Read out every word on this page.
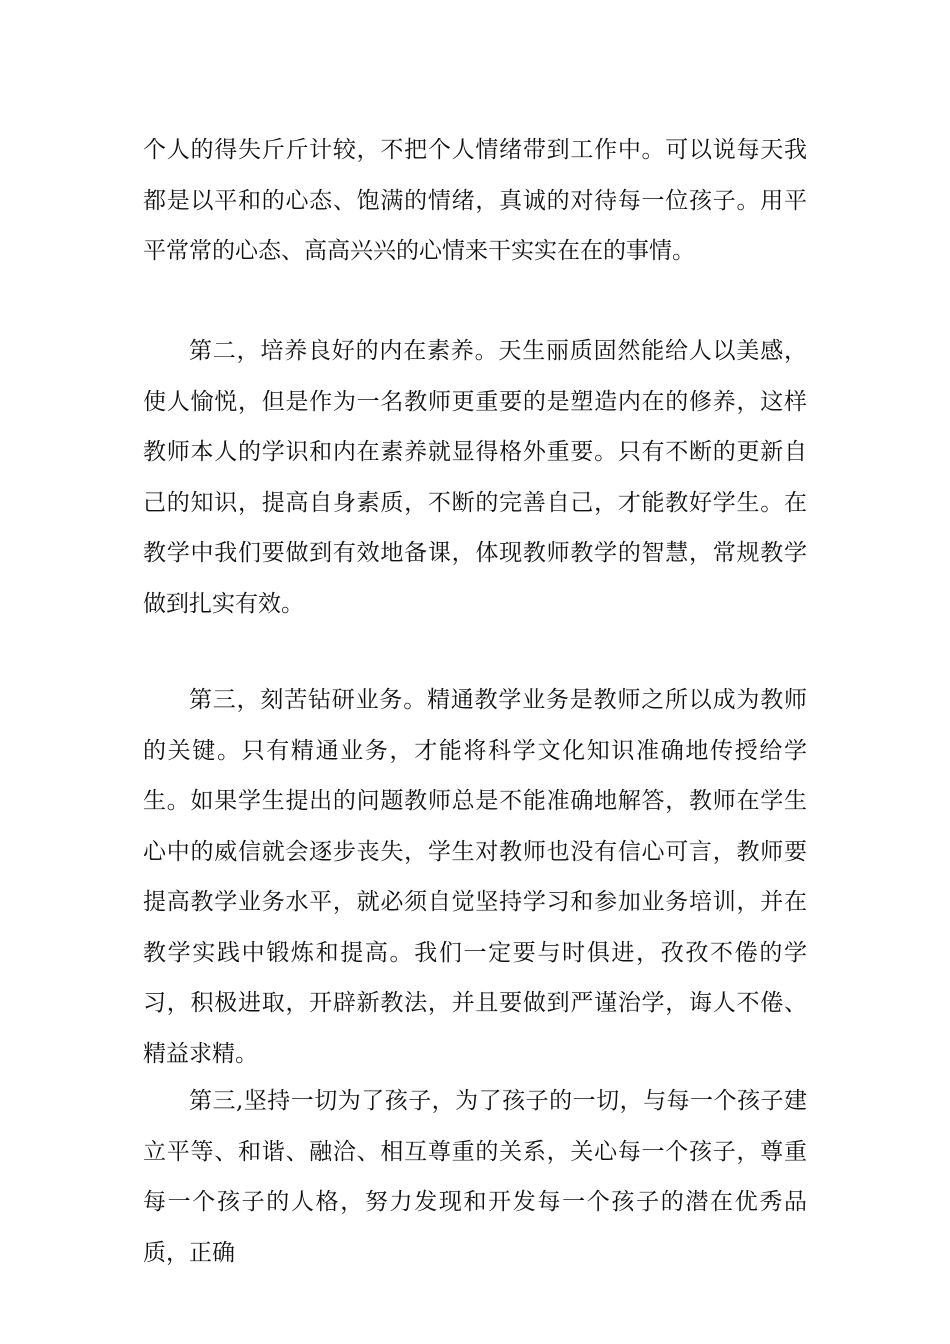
个人的得失斤斤计较，不把个人情绪带到工作中。可以说每天我都是以平和的心态、饱满的情绪，真诚的对待每一位孩子。用平平常常的心态、高高兴兴的心情来干实实在在的事情。

第二，培养良好的内在素养。天生丽质固然能给人以美感，使人愉悦，但是作为一名教师更重要的是塑造内在的修养，这样教师本人的学识和内在素养就显得格外重要。只有不断的更新自己的知识，提高自身素质，不断的完善自己，才能教好学生。在教学中我们要做到有效地备课，体现教师教学的智慧，常规教学做到扎实有效。

第三，刻苦钻研业务。精通教学业务是教师之所以成为教师的关键。只有精通业务，才能将科学文化知识准确地传授给学生。如果学生提出的问题教师总是不能准确地解答，教师在学生心中的威信就会逐步丧失，学生对教师也没有信心可言，教师要提高教学业务水平，就必须自觉坚持学习和参加业务培训，并在教学实践中锻炼和提高。我们一定要与时俱进，孜孜不倦的学习，积极进取，开辟新教法，并且要做到严谨治学，诲人不倦、精益求精。

第三,坚持一切为了孩子，为了孩子的一切，与每一个孩子建立平等、和谐、融洽、相互尊重的关系，关心每一个孩子，尊重每一个孩子的人格，努力发现和开发每一个孩子的潜在优秀品质，正确
